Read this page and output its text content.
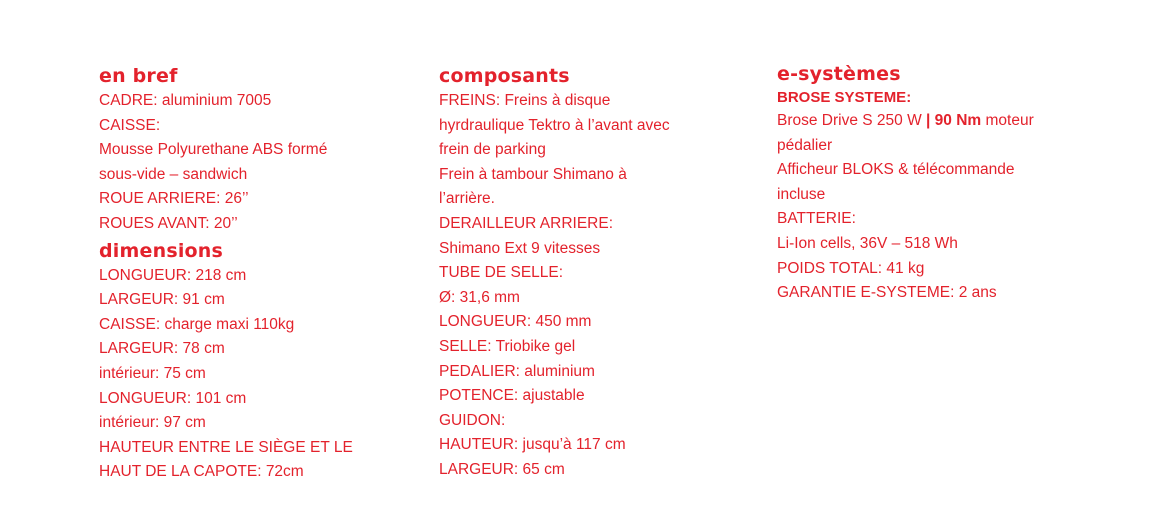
en bref
CADRE: aluminium 7005
CAISSE:
Mousse Polyurethane ABS formé
sous-vide – sandwich
ROUE ARRIERE: 26’’
ROUES AVANT: 20’’
dimensions
LONGUEUR: 218 cm
LARGEUR: 91 cm
CAISSE: charge maxi 110kg
LARGEUR: 78 cm
intérieur: 75 cm
LONGUEUR: 101 cm
intérieur: 97 cm
HAUTEUR ENTRE LE SIÈGE ET LE
HAUT DE LA CAPOTE: 72cm
composants
FREINS: Freins à disque
hyrdraulique Tektro à l’avant avec
frein de parking
Frein à tambour Shimano à
l’arrière.
DERAILLEUR ARRIERE:
Shimano Ext 9 vitesses
TUBE DE SELLE:
Ø: 31,6 mm
LONGUEUR: 450 mm
SELLE: Triobike gel
PEDALIER: aluminium
POTENCE: ajustable
GUIDON:
HAUTEUR: jusqu’à 117 cm
LARGEUR: 65 cm
e-systèmes
BROSE SYSTEME:
Brose Drive S 250 W | 90 Nm moteur
pédalier
Afficheur BLOKS & télécommande
incluse
BATTERIE:
Li-Ion cells, 36V – 518 Wh
POIDS TOTAL: 41 kg
GARANTIE E-SYSTEME: 2 ans
